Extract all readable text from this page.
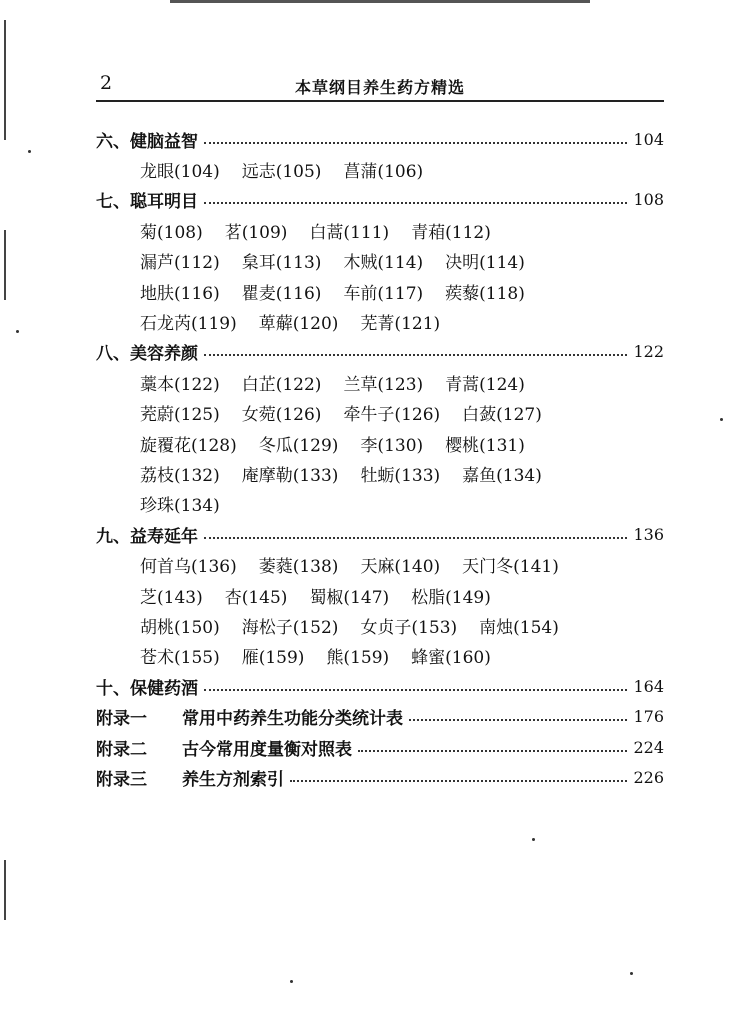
2	本草纲目养生药方精选
六、健脑益智	104
龙眼(104) 远志(105) 菖蒲(106)
七、聪耳明目	108
菊(108) 茗(109) 白蒿(111) 青葙(112)
漏芦(112) 枲耳(113) 木贼(114) 决明(114)
地肤(116) 瞿麦(116) 车前(117) 蒺藜(118)
石龙芮(119) 萆薢(120) 芜菁(121)
八、美容养颜	122
藁本(122) 白芷(122) 兰草(123) 青蒿(124)
茺蔚(125) 女菀(126) 牵牛子(126) 白蔹(127)
旋覆花(128) 冬瓜(129) 李(130) 樱桃(131)
荔枝(132) 庵摩勒(133) 牡蛎(133) 嘉鱼(134)
珍珠(134)
九、益寿延年	136
何首乌(136) 萎蕤(138) 天麻(140) 天门冬(141)
芝(143) 杏(145) 蜀椒(147) 松脂(149)
胡桃(150) 海松子(152) 女贞子(153) 南烛(154)
苍术(155) 雁(159) 熊(159) 蜂蜜(160)
十、保健药酒	164
附录一 常用中药养生功能分类统计表	176
附录二 古今常用度量衡对照表	224
附录三 养生方剂索引	226
